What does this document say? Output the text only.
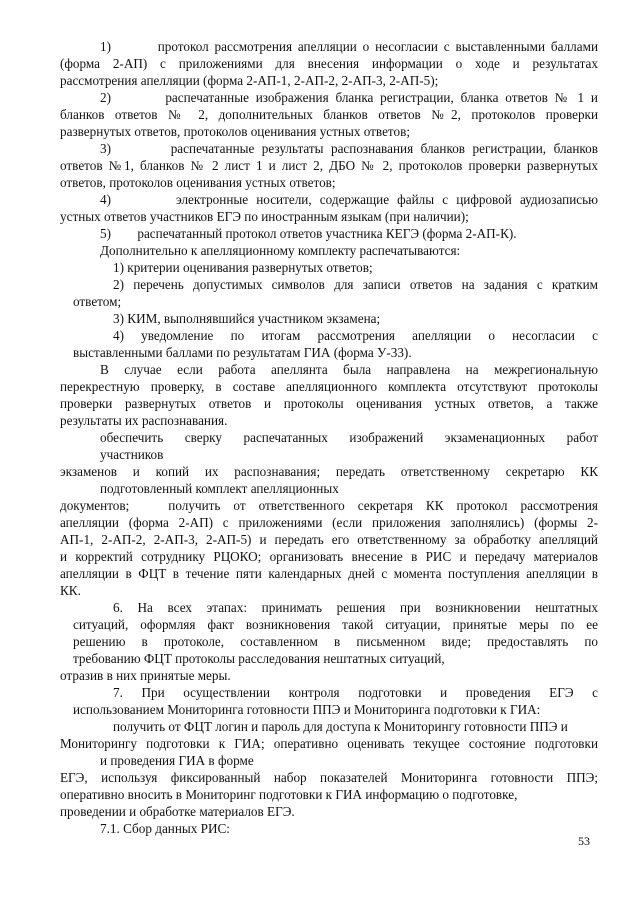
1)        протокол рассмотрения апелляции о несогласии с выставленными баллами
(форма 2-АП) с приложениями для внесения информации о ходе и результатах
рассмотрения апелляции (форма 2-АП-1, 2-АП-2, 2-АП-3, 2-АП-5);
2)        распечатанные изображения бланка регистрации, бланка ответов № 1 и
бланков ответов № 2, дополнительных бланков ответов №2, протоколов проверки
развернутых ответов, протоколов оценивания устных ответов;
3)        распечатанные результаты распознавания бланков регистрации, бланков
ответов №1, бланков № 2 лист 1 и лист 2, ДБО № 2, протоколов проверки развернутых
ответов, протоколов оценивания устных ответов;
4)        электронные носители, содержащие файлы с цифровой аудиозаписью
устных ответов участников ЕГЭ по иностранным языкам (при наличии);
5)        распечатанный протокол ответов участника КЕГЭ (форма 2-АП-К).
Дополнительно к апелляционному комплекту распечатываются:
1) критерии оценивания развернутых ответов;
2) перечень допустимых символов для записи ответов на задания с кратким
ответом;
3) КИМ, выполнявшийся участником экзамена;
4) уведомление по итогам рассмотрения апелляции о несогласии с
выставленными баллами по результатам ГИА (форма У-33).
В случае если работа апеллянта была направлена на межрегиональную
перекрестную проверку, в составе апелляционного комплекта отсутствуют протоколы
проверки развернутых ответов и протоколы оценивания устных ответов, а также
результаты их распознавания.
обеспечить сверку распечатанных изображений экзаменационных работ
участников
экзаменов и копий их распознавания; передать ответственному секретарю КК
подготовленный комплект апелляционных
документов;   получить от ответственного секретаря КК протокол рассмотрения
апелляции (форма 2-АП) с приложениями (если приложения заполнялись) (формы 2-
АП-1, 2-АП-2, 2-АП-3, 2-АП-5) и передать его ответственному за обработку апелляций
и корректий сотруднику РЦОКО; организовать внесение в РИС и передачу материалов
апелляции в ФЦТ в течение пяти календарных дней с момента поступления апелляции в
КК.
6. На всех этапах: принимать решения при возникновении нештатных
ситуаций, оформляя факт возникновения такой ситуации, принятые меры по ее
решению в протоколе, составленном в письменном виде; предоставлять по
требованию ФЦТ протоколы расследования нештатных ситуаций,
отразив в них принятые меры.
7. При осуществлении контроля подготовки и проведения ЕГЭ с
использованием Мониторинга готовности ППЭ и Мониторинга подготовки к ГИА:
получить от ФЦТ логин и пароль для доступа к Мониторингу готовности ППЭ и
Мониторингу подготовки к ГИА; оперативно оценивать текущее состояние подготовки
и проведения ГИА в форме
ЕГЭ, используя фиксированный набор показателей Мониторинга готовности ППЭ;
оперативно вносить в Мониторинг подготовки к ГИА информацию о подготовке,
проведении и обработке материалов ЕГЭ.
7.1. Сбор данных РИС:
53
